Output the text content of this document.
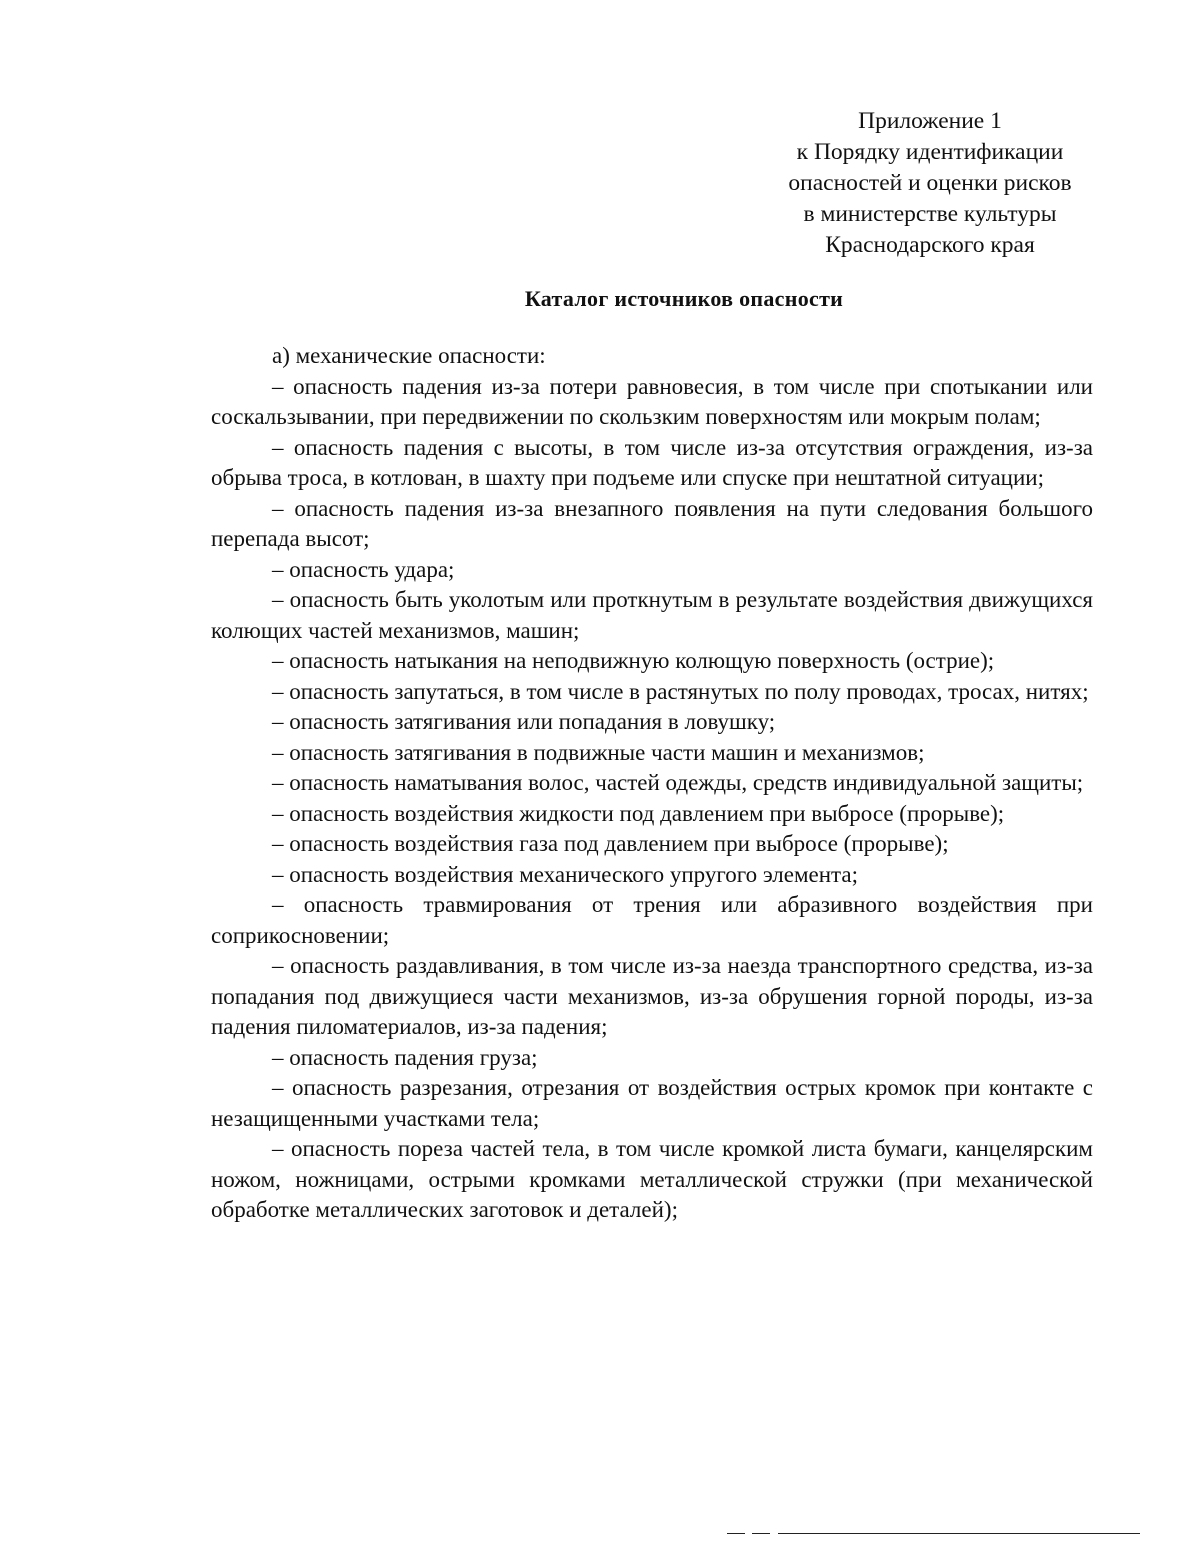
Приложение 1
к Порядку идентификации
опасностей и оценки рисков
в министерстве культуры
Краснодарского края
Каталог источников опасности

а) механические опасности:

– опасность падения из-за потери равновесия, в том числе при спотыкании или соскальзывании, при передвижении по скользким поверхностям или мокрым полам;

– опасность падения с высоты, в том числе из-за отсутствия ограждения, из-за обрыва троса, в котлован, в шахту при подъеме или спуске при нештатной ситуации;

– опасность падения из-за внезапного появления на пути следования большого перепада высот;

– опасность удара;

– опасность быть уколотым или проткнутым в результате воздействия движущихся колющих частей механизмов, машин;

– опасность натыкания на неподвижную колющую поверхность (острие);

– опасность запутаться, в том числе в растянутых по полу проводах, тросах, нитях;

– опасность затягивания или попадания в ловушку;

– опасность затягивания в подвижные части машин и механизмов;

– опасность наматывания волос, частей одежды, средств индивидуальной защиты;

– опасность воздействия жидкости под давлением при выбросе (прорыве);

– опасность воздействия газа под давлением при выбросе (прорыве);

– опасность воздействия механического упругого элемента;

– опасность травмирования от трения или абразивного воздействия при соприкосновении;

– опасность раздавливания, в том числе из-за наезда транспортного средства, из-за попадания под движущиеся части механизмов, из-за обрушения горной породы, из-за падения пиломатериалов, из-за падения;

– опасность падения груза;

– опасность разрезания, отрезания от воздействия острых кромок при контакте с незащищенными участками тела;

– опасность пореза частей тела, в том числе кромкой листа бумаги, канцелярским ножом, ножницами, острыми кромками металлической стружки (при механической обработке металлических заготовок и деталей);
